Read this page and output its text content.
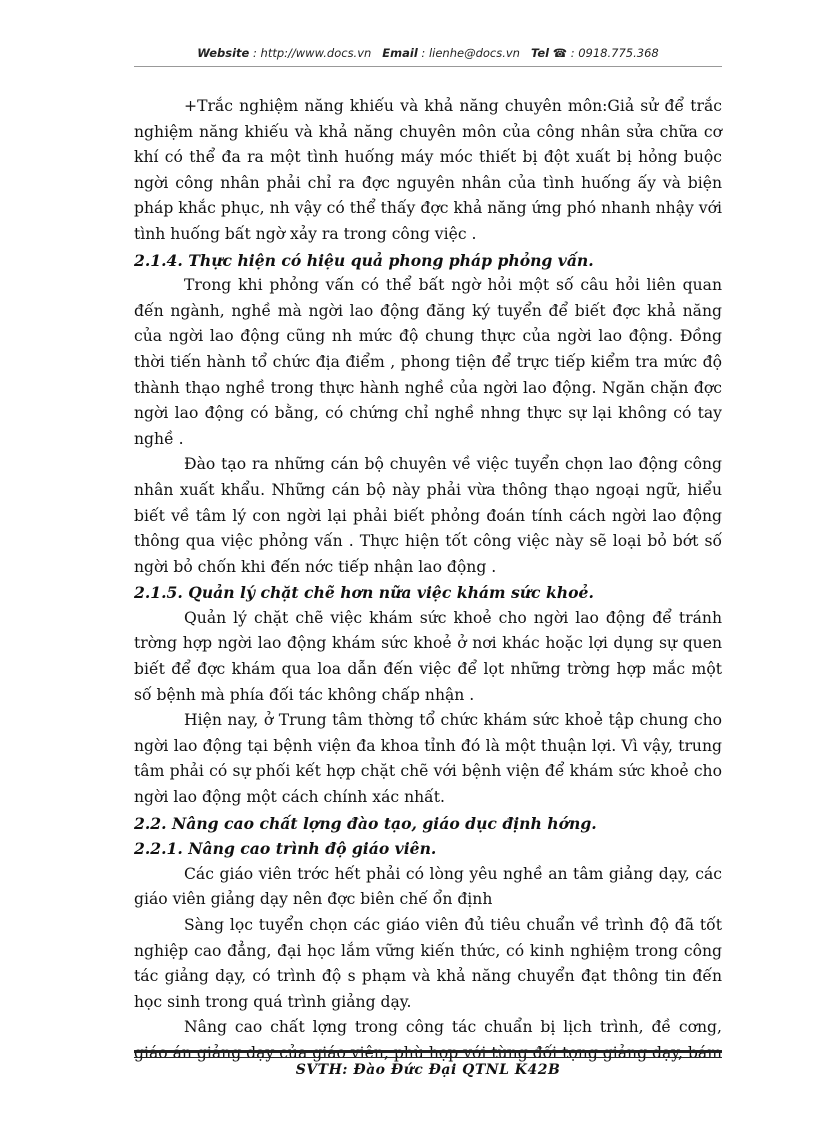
Website : http://www.docs.vn Email : lienhe@docs.vn Tel ☎ : 0918.775.368

+Trắc nghiệm năng khiếu và khả năng chuyên môn:Giả sử để trắc nghiệm năng khiếu và khả năng chuyên môn của công nhân sửa chữa cơ khí có thể đa ra một tình huống máy móc thiết bị đột xuất bị hỏng buộc ngời công nhân phải chỉ ra đợc nguyên nhân của tình huống ấy và biện pháp khắc phục, nh vậy có thể thấy đợc khả năng ứng phó nhanh nhậy với tình huống bất ngờ xảy ra trong công việc .

2.1.4. Thực hiện có hiệu quả phong pháp phỏng vấn.

Trong khi phỏng vấn có thể bất ngờ hỏi một số câu hỏi liên quan đến ngành, nghề mà ngời lao động đăng ký tuyển để biết đợc khả năng của ngời lao động cũng nh mức độ chung thực của ngời lao động. Đồng thời tiến hành tổ chức địa điểm , phong tiện để trực tiếp kiểm tra mức độ thành thạo nghề trong thực hành nghề của ngời lao động. Ngăn chặn đợc ngời lao động có bằng, có chứng chỉ nghề nhng thực sự lại không có tay nghề .

Đào tạo ra những cán bộ chuyên về việc tuyển chọn lao động công nhân xuất khẩu. Những cán bộ này phải vừa thông thạo ngoại ngữ, hiểu biết về tâm lý con ngời lại phải biết phỏng đoán tính cách ngời lao động thông qua việc phỏng vấn . Thực hiện tốt công việc này sẽ loại bỏ bớt số ngời bỏ chốn khi đến nớc tiếp nhận lao động .

2.1.5. Quản lý chặt chẽ hơn nữa việc khám sức khoẻ.

Quản lý chặt chẽ việc khám sức khoẻ cho ngời lao động để tránh trờng hợp ngời lao động khám sức khoẻ ở nơi khác hoặc lợi dụng sự quen biết để đợc khám qua loa dẫn đến việc để lọt những trờng hợp mắc một số bệnh mà phía đối tác không chấp nhận .

Hiện nay, ở Trung tâm thờng tổ chức khám sức khoẻ tập chung cho ngời lao động tại bệnh viện đa khoa tỉnh đó là một thuận lợi. Vì vậy, trung tâm phải có sự phối kết hợp chặt chẽ với bệnh viện để khám sức khoẻ cho ngời lao động một cách chính xác nhất.

2.2. Nâng cao chất lợng đào tạo, giáo dục định hớng.

2.2.1. Nâng cao trình độ giáo viên.

Các giáo viên trớc hết phải có lòng yêu nghề an tâm giảng dạy, các giáo viên giảng dạy nên đợc biên chế ổn định

Sàng lọc tuyển chọn các giáo viên đủ tiêu chuẩn về trình độ đã tốt nghiệp cao đẳng, đại học lắm vững kiến thức, có kinh nghiệm trong công tác giảng dạy, có trình độ s phạm và khả năng chuyển đạt thông tin đến học sinh trong quá trình giảng dạy.

Nâng cao chất lợng trong công tác chuẩn bị lịch trình, đề cơng, giáo án giảng dạy của giáo viên, phù hợp với từng đối tợng giảng dạy, bám

SVTH: Đào Đức Đại QTNL K42B
